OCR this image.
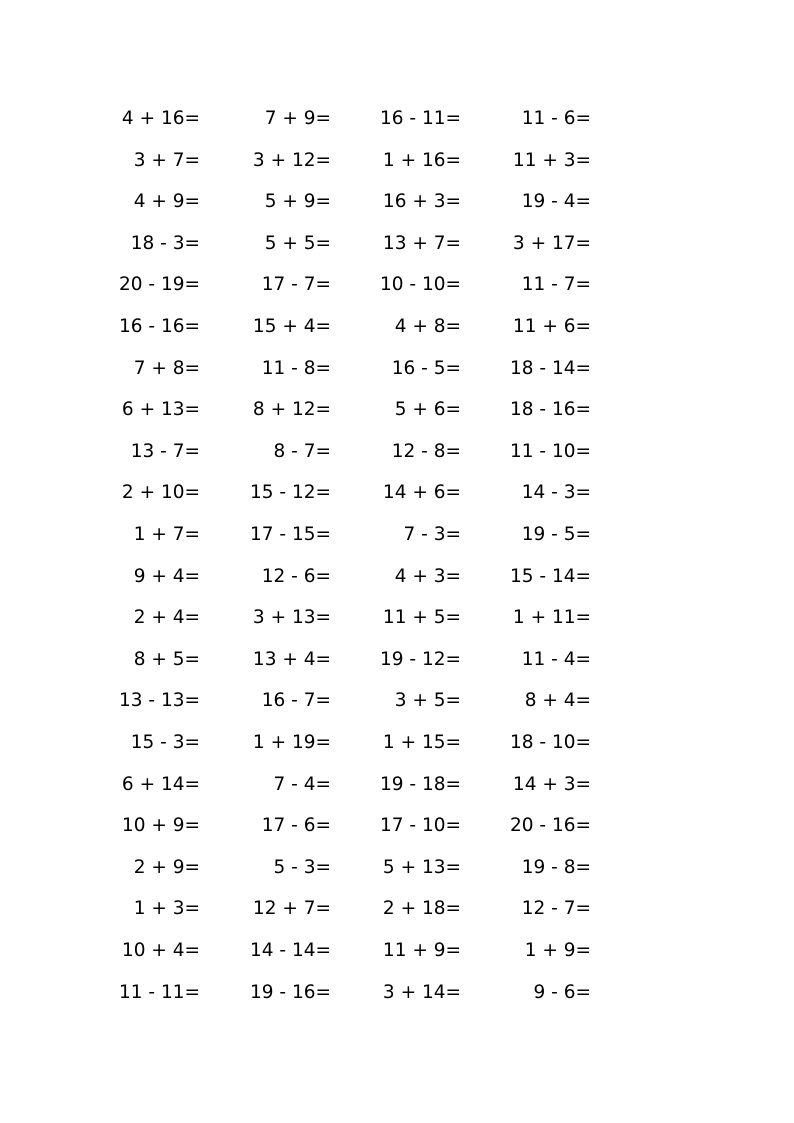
4 + 16=	7 + 9=	16 - 11=	11 - 6=
3 + 7=	3 + 12=	1 + 16=	11 + 3=
4 + 9=	5 + 9=	16 + 3=	19 - 4=
18 - 3=	5 + 5=	13 + 7=	3 + 17=
20 - 19=	17 - 7=	10 - 10=	11 - 7=
16 - 16=	15 + 4=	4 + 8=	11 + 6=
7 + 8=	11 - 8=	16 - 5=	18 - 14=
6 + 13=	8 + 12=	5 + 6=	18 - 16=
13 - 7=	8 - 7=	12 - 8=	11 - 10=
2 + 10=	15 - 12=	14 + 6=	14 - 3=
1 + 7=	17 - 15=	7 - 3=	19 - 5=
9 + 4=	12 - 6=	4 + 3=	15 - 14=
2 + 4=	3 + 13=	11 + 5=	1 + 11=
8 + 5=	13 + 4=	19 - 12=	11 - 4=
13 - 13=	16 - 7=	3 + 5=	8 + 4=
15 - 3=	1 + 19=	1 + 15=	18 - 10=
6 + 14=	7 - 4=	19 - 18=	14 + 3=
10 + 9=	17 - 6=	17 - 10=	20 - 16=
2 + 9=	5 - 3=	5 + 13=	19 - 8=
1 + 3=	12 + 7=	2 + 18=	12 - 7=
10 + 4=	14 - 14=	11 + 9=	1 + 9=
11 - 11=	19 - 16=	3 + 14=	9 - 6=
